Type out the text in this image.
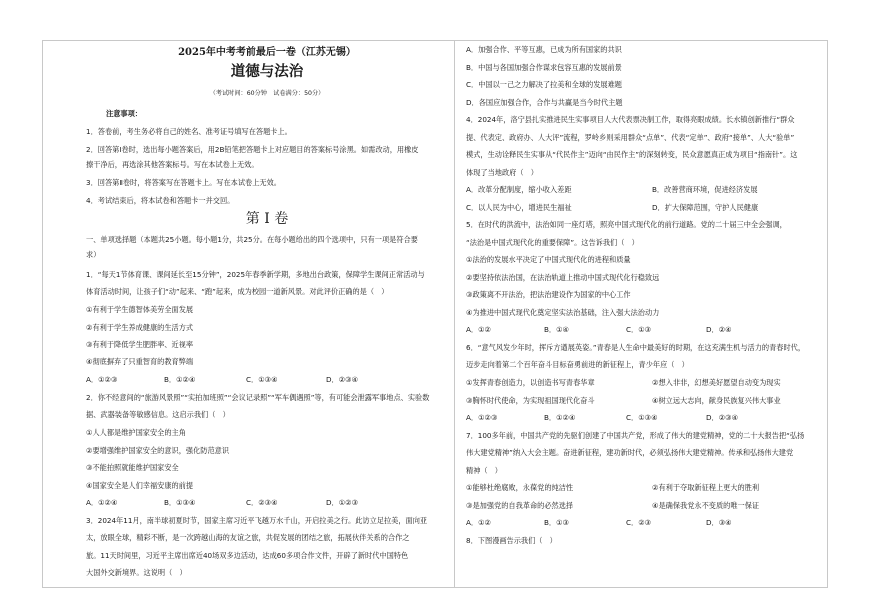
2025年中考考前最后一卷（江苏无锡）
道德与法治
（考试时间：60分钟　试卷满分：50分）
注意事项：
1．答卷前，考生务必将自己的姓名、准考证号填写在答题卡上。
2．回答第Ⅰ卷时，选出每小题答案后，用2B铅笔把答题卡上对应题目的答案标号涂黑。如需改动，用橡皮
擦干净后，再选涂其他答案标号。写在本试卷上无效。
3．回答第Ⅱ卷时，将答案写在答题卡上。写在本试卷上无效。
4．考试结束后，将本试卷和答题卡一并交回。
第 Ⅰ 卷
一、单项选择题（本题共25小题。每小题1分，共25分。在每小题给出的四个选项中，只有一项是符合要
求）
1．“每天1节体育课、课间延长至15分钟”，2025年春季新学期，多地出台政策，保障学生课间正常活动与
体育活动时间，让孩子们“动”起来、“跑”起来，成为校园一道新风景。对此评价正确的是（　）
①有利于学生德智体美劳全面发展
②有利于学生养成健康的生活方式
③有利于降低学生肥胖率、近视率
④彻底摒弃了只重智育的教育弊端
A．①②③	B．①②④	C．①③④	D．②③④
2．你不经意间的“旅游风景照”“实拍加班照”“会议记录照”“军车偶遇照”等，有可能会泄露军事地点、实验数
据、武器装备等敏感信息。这启示我们（　）
①人人都是维护国家安全的主角
②要增强维护国家安全的意识，强化防范意识
③不能拍照就能维护国家安全
④国家安全是人们幸福安康的前提
A．①②④	B．①③④	C．②③④	D．①②③
3．2024年11月，南半球初夏时节，国家主席习近平飞越万水千山，开启拉美之行。此访立足拉美，面向亚
太，放眼全球，精彩不断，是一次跨越山海的友谊之旅，共促发展的团结之旅，拓展伙伴关系的合作之
旅。11天时间里，习近平主席出席近40场双多边活动，达成60多项合作文件，开辟了新时代中国特色
大国外交新境界。这说明（　）
A．加强合作、平等互惠，已成为所有国家的共识
B．中国与各国加强合作谋求包容互惠的发展前景
C．中国以一己之力解决了拉美和全球的发展难题
D．各国应加强合作，合作与共赢是当今时代主题
4．2024年，洛宁县扎实推进民生实事项目人大代表票决制工作，取得亮眼成绩。长水镇创新推行“群众
提、代表定、政府办、人大评”流程，罗岭乡则采用群众“点单”、代表“定单”、政府“接单”、人大“验单”
模式，生动诠释民生实事从“代民作主”迈向“由民作主”的深刻转变，民众意愿真正成为项目“指南针”。这
体现了当地政府（　）
A．改革分配制度，缩小收入差距	B．改善营商环境，促进经济发展
C．以人民为中心，增进民生福祉	D．扩大保障范围，守护人民健康
5．在时代的洪流中，法治如同一座灯塔，照亮中国式现代化的前行道路。党的二十届三中全会强调，
“法治是中国式现代化的重要保障”。这告诉我们（　）
①法治的发展水平决定了中国式现代化的进程和质量
②要坚持依法治国，在法治轨道上推动中国式现代化行稳致远
③政策离不开法治，把法治建设作为国家的中心工作
④为推进中国式现代化奠定坚实法治基础，注入强大法治动力
A．①②	B．①④	C．①③	D．②④
6．“意气风发少年时，挥斥方遒展英姿。”青春是人生命中最美好的时期，在这充满生机与活力的青春时代，
迈步走向着第二个百年奋斗目标奋勇前进的新征程上，青少年应（　）
①发挥青春创造力，以创造书写青春华章	②想入非非，幻想美好愿望自动变为现实
③胸怀时代使命，为实现祖国现代化奋斗	④树立远大志向，献身民族复兴伟大事业
A．①②③	B．①②④	C．①③④	D．②③④
7．100多年前，中国共产党的先驱们创建了中国共产党，形成了伟大的建党精神，党的二十大报告把“弘扬
伟大建党精神”纳入大会主题。奋进新征程，建功新时代，必须弘扬伟大建党精神。传承和弘扬伟大建党
精神（　）
①能够杜绝腐败，永葆党的纯洁性	②有利于夺取新征程上更大的胜利
③是加强党的自我革命的必然选择	④是确保我党永不变质的唯一保证
A．①②	B．①③	C．②③	D．③④
8．下图漫画告示我们（　）
